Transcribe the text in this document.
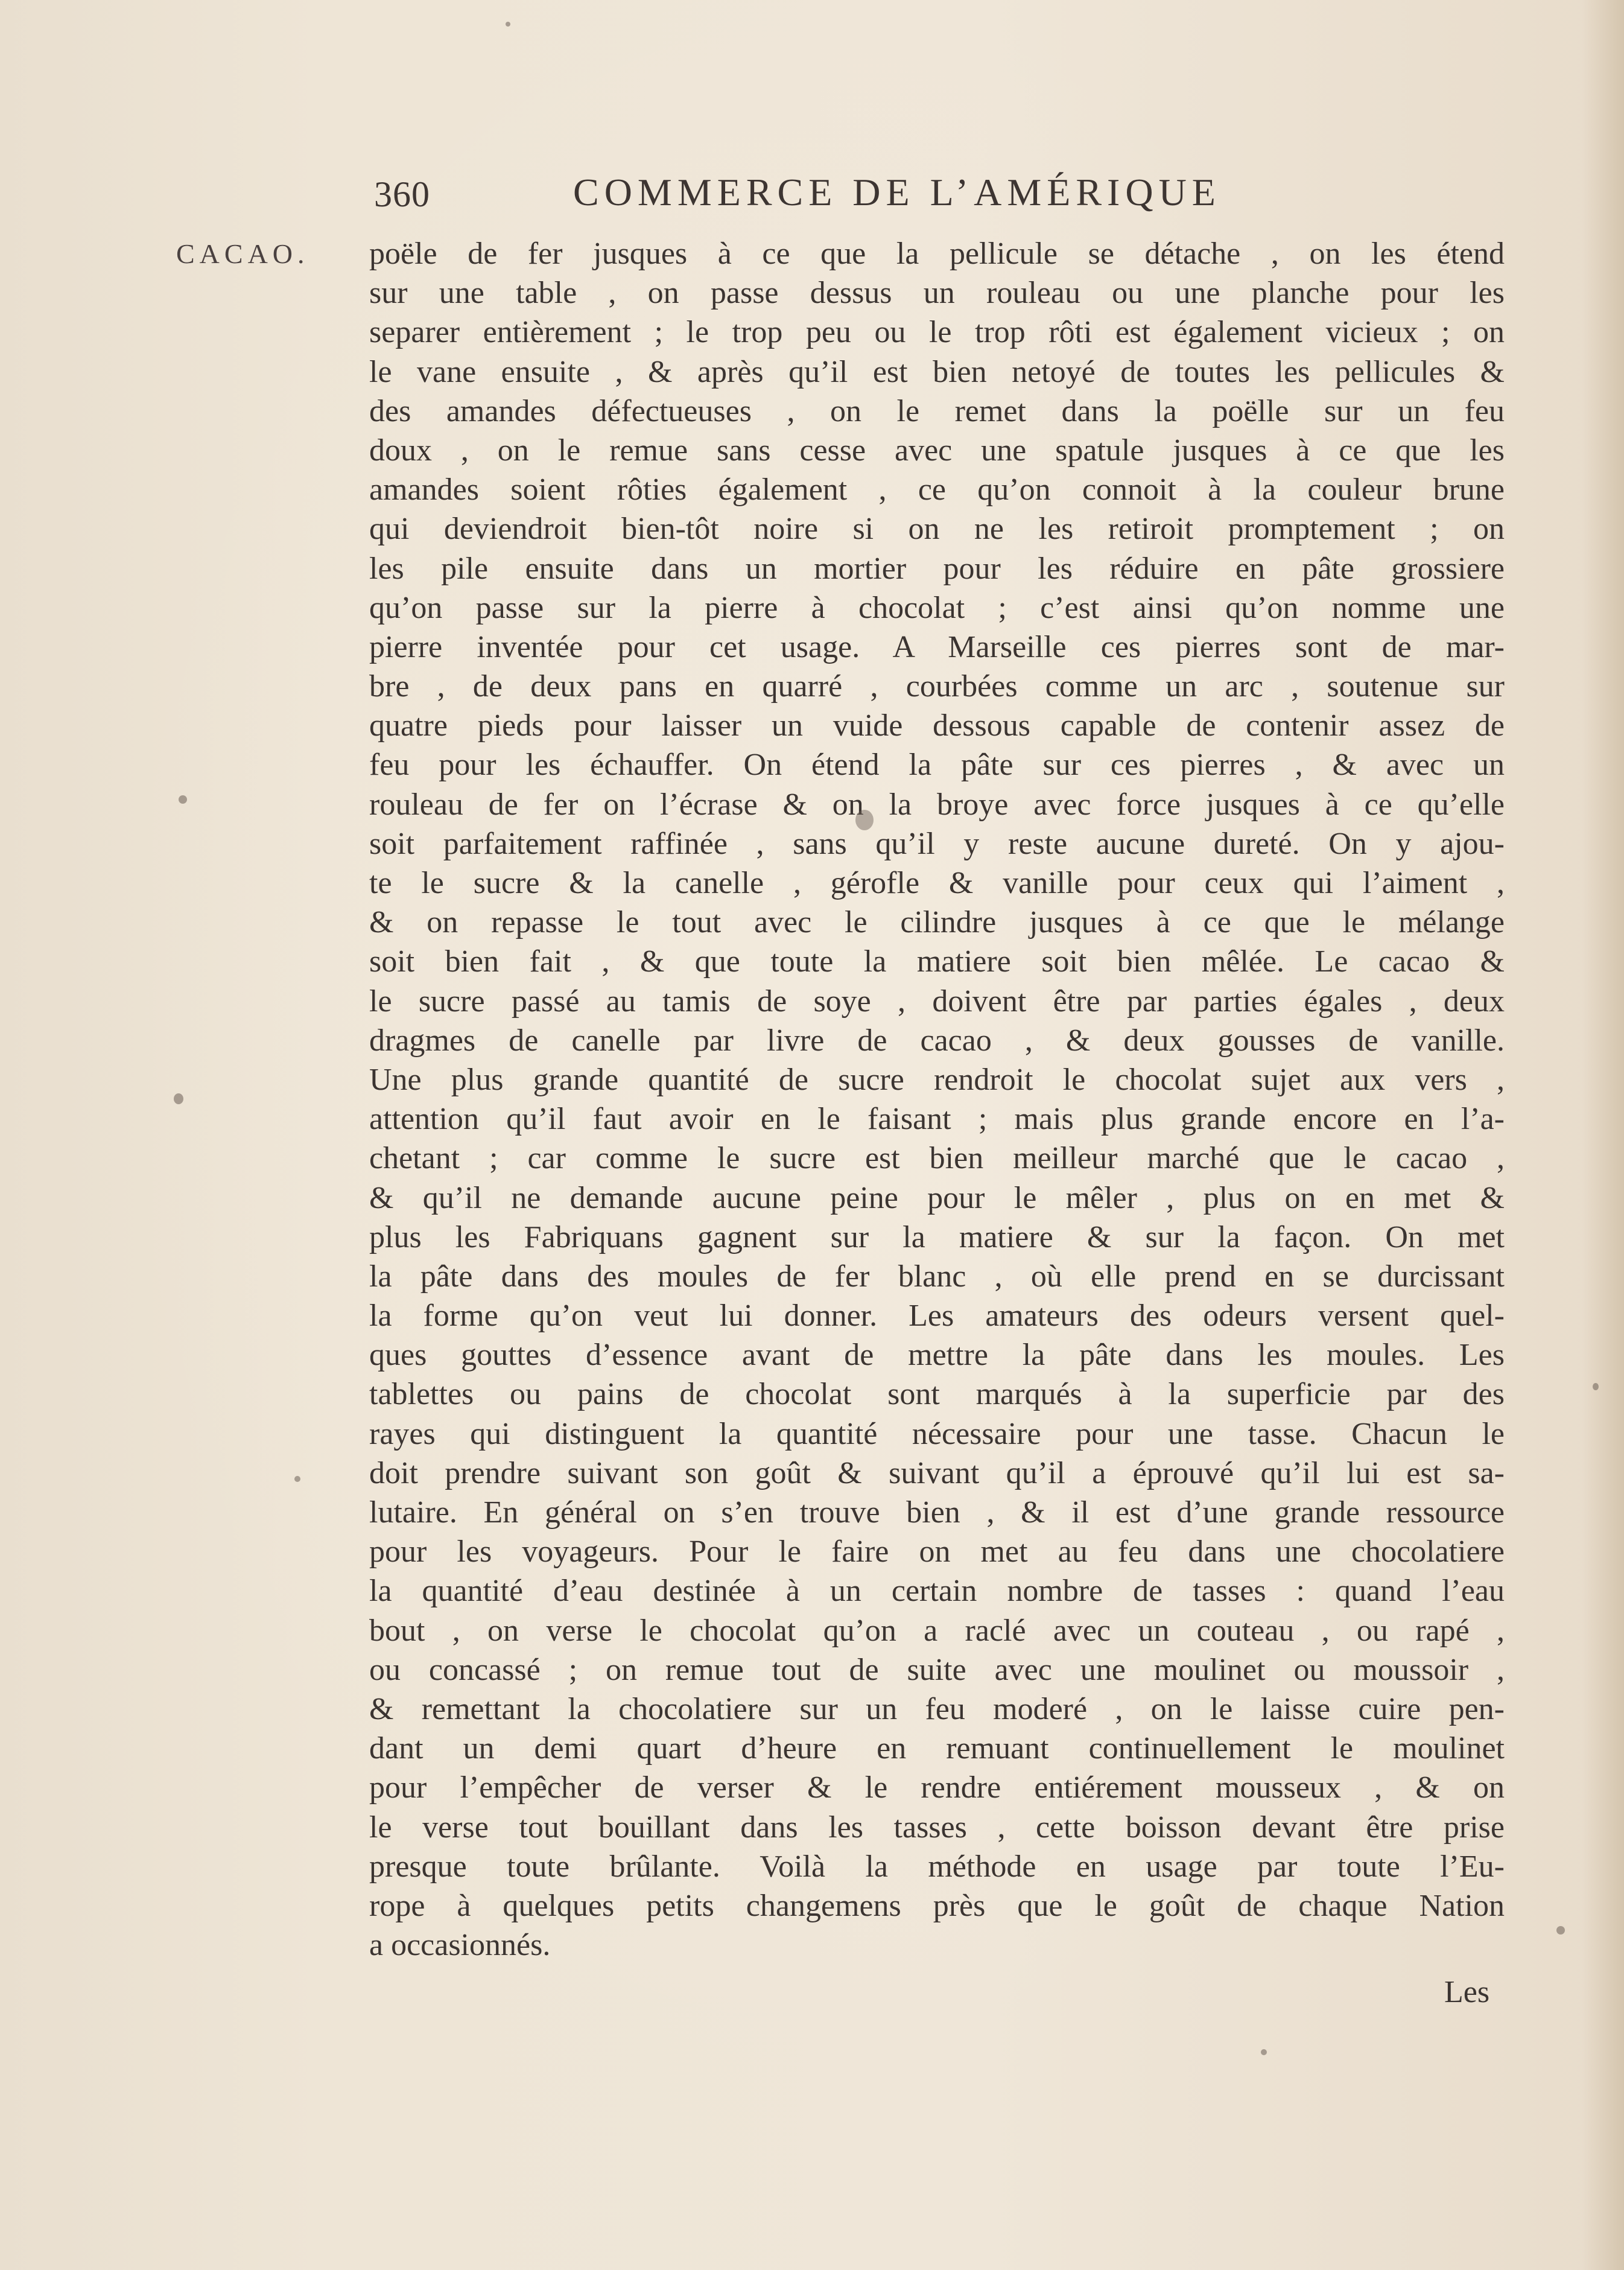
360	COMMERCE DE L’AMÉRIQUE
CACAO. poële de fer jusques à ce que la pellicule se détache , on les étend
sur une table , on passe dessus un rouleau ou une planche pour les
separer entièrement ; le trop peu ou le trop rôti est également vicieux ; on
le vane ensuite , & après qu’il est bien netoyé de toutes les pellicules &
des amandes défectueuses , on le remet dans la poëlle sur un feu
doux , on le remue sans cesse avec une spatule jusques à ce que les
amandes soient rôties également , ce qu’on connoit à la couleur brune
qui deviendroit bien-tôt noire si on ne les retiroit promptement ; on
les pile ensuite dans un mortier pour les réduire en pâte grossiere
qu’on passe sur la pierre à chocolat ; c’est ainsi qu’on nomme une
pierre inventée pour cet usage. A Marseille ces pierres sont de mar-
bre , de deux pans en quarré , courbées comme un arc , soutenue sur
quatre pieds pour laisser un vuide dessous capable de contenir assez de
feu pour les échauffer. On étend la pâte sur ces pierres , & avec un
rouleau de fer on l’écrase & on la broye avec force jusques à ce qu’elle
soit parfaitement raffinée , sans qu’il y reste aucune dureté. On y ajou-
te le sucre & la canelle , gérofle & vanille pour ceux qui l’aiment ,
& on repasse le tout avec le cilindre jusques à ce que le mélange
soit bien fait , & que toute la matiere soit bien mêlée. Le cacao &
le sucre passé au tamis de soye , doivent être par parties égales , deux
dragmes de canelle par livre de cacao , & deux gousses de vanille.
Une plus grande quantité de sucre rendroit le chocolat sujet aux vers ,
attention qu’il faut avoir en le faisant ; mais plus grande encore en l’a-
chetant ; car comme le sucre est bien meilleur marché que le cacao ,
& qu’il ne demande aucune peine pour le mêler , plus on en met &
plus les Fabriquans gagnent sur la matiere & sur la façon. On met
la pâte dans des moules de fer blanc , où elle prend en se durcissant
la forme qu’on veut lui donner. Les amateurs des odeurs versent quel-
ques gouttes d’essence avant de mettre la pâte dans les moules. Les
tablettes ou pains de chocolat sont marqués à la superficie par des
rayes qui distinguent la quantité nécessaire pour une tasse. Chacun le
doit prendre suivant son goût & suivant qu’il a éprouvé qu’il lui est sa-
lutaire. En général on s’en trouve bien , & il est d’une grande ressource
pour les voyageurs. Pour le faire on met au feu dans une chocolatiere
la quantité d’eau destinée à un certain nombre de tasses : quand l’eau
bout , on verse le chocolat qu’on a raclé avec un couteau , ou rapé ,
ou concassé ; on remue tout de suite avec une moulinet ou moussoir ,
& remettant la chocolatiere sur un feu moderé , on le laisse cuire pen-
dant un demi quart d’heure en remuant continuellement le moulinet
pour l’empêcher de verser & le rendre entiérement mousseux , & on
le verse tout bouillant dans les tasses , cette boisson devant être prise
presque toute brûlante. Voilà la méthode en usage par toute l’Eu-
rope à quelques petits changemens près que le goût de chaque Nation
a occasionnés.
Les
